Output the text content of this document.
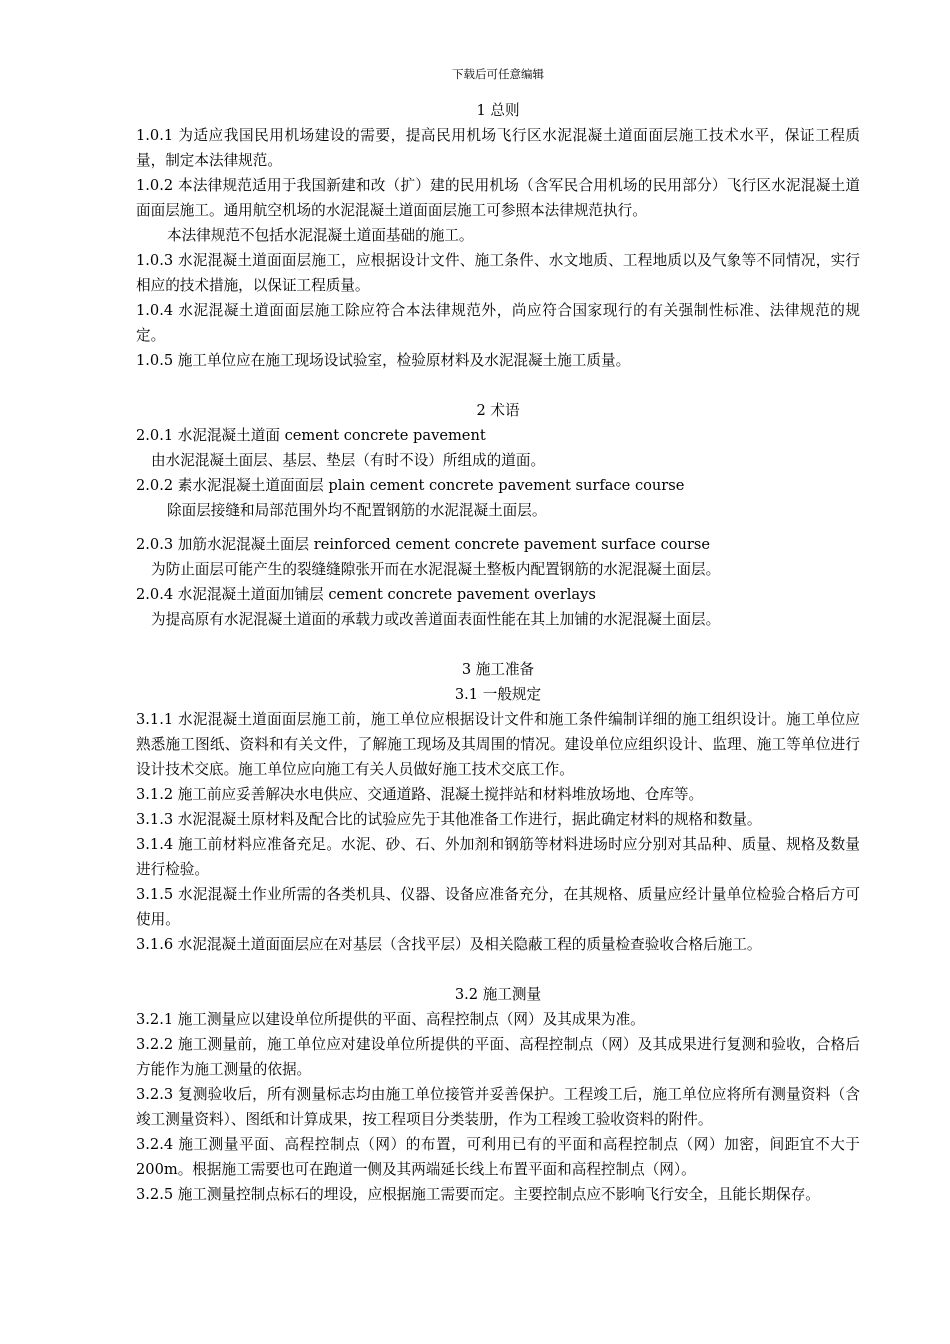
下载后可任意编辑
1 总则
1.0.1 为适应我国民用机场建设的需要，提高民用机场飞行区水泥混凝土道面面层施工技术水平，保证工程质量，制定本法律规范。
1.0.2 本法律规范适用于我国新建和改（扩）建的民用机场（含军民合用机场的民用部分）飞行区水泥混凝土道面面层施工。通用航空机场的水泥混凝土道面面层施工可参照本法律规范执行。
本法律规范不包括水泥混凝土道面基础的施工。
1.0.3 水泥混凝土道面面层施工，应根据设计文件、施工条件、水文地质、工程地质以及气象等不同情况，实行相应的技术措施，以保证工程质量。
1.0.4 水泥混凝土道面面层施工除应符合本法律规范外，尚应符合国家现行的有关强制性标准、法律规范的规定。
1.0.5 施工单位应在施工现场设试验室，检验原材料及水泥混凝土施工质量。
2 术语
2.0.1 水泥混凝土道面 cement concrete pavement
由水泥混凝土面层、基层、垫层（有时不设）所组成的道面。
2.0.2 素水泥混凝土道面面层 plain cement concrete pavement surface course
除面层接缝和局部范围外均不配置钢筋的水泥混凝土面层。
2.0.3 加筋水泥混凝土面层 reinforced cement concrete pavement surface course
为防止面层可能产生的裂缝缝隙张开而在水泥混凝土整板内配置钢筋的水泥混凝土面层。
2.0.4 水泥混凝土道面加铺层 cement concrete pavement overlays
为提高原有水泥混凝土道面的承载力或改善道面表面性能在其上加铺的水泥混凝土面层。
3 施工准备
3.1 一般规定
3.1.1 水泥混凝土道面面层施工前，施工单位应根据设计文件和施工条件编制详细的施工组织设计。施工单位应熟悉施工图纸、资料和有关文件，了解施工现场及其周围的情况。建设单位应组织设计、监理、施工等单位进行设计技术交底。施工单位应向施工有关人员做好施工技术交底工作。
3.1.2 施工前应妥善解决水电供应、交通道路、混凝土搅拌站和材料堆放场地、仓库等。
3.1.3 水泥混凝土原材料及配合比的试验应先于其他准备工作进行，据此确定材料的规格和数量。
3.1.4 施工前材料应准备充足。水泥、砂、石、外加剂和钢筋等材料进场时应分别对其品种、质量、规格及数量进行检验。
3.1.5 水泥混凝土作业所需的各类机具、仪器、设备应准备充分，在其规格、质量应经计量单位检验合格后方可使用。
3.1.6 水泥混凝土道面面层应在对基层（含找平层）及相关隐蔽工程的质量检查验收合格后施工。
3.2 施工测量
3.2.1 施工测量应以建设单位所提供的平面、高程控制点（网）及其成果为准。
3.2.2 施工测量前，施工单位应对建设单位所提供的平面、高程控制点（网）及其成果进行复测和验收，合格后方能作为施工测量的依据。
3.2.3 复测验收后，所有测量标志均由施工单位接管并妥善保护。工程竣工后，施工单位应将所有测量资料（含竣工测量资料）、图纸和计算成果，按工程项目分类装册，作为工程竣工验收资料的附件。
3.2.4 施工测量平面、高程控制点（网）的布置，可利用已有的平面和高程控制点（网）加密，间距宜不大于 200m。根据施工需要也可在跑道一侧及其两端延长线上布置平面和高程控制点（网）。
3.2.5 施工测量控制点标石的埋设，应根据施工需要而定。主要控制点应不影响飞行安全，且能长期保存。
